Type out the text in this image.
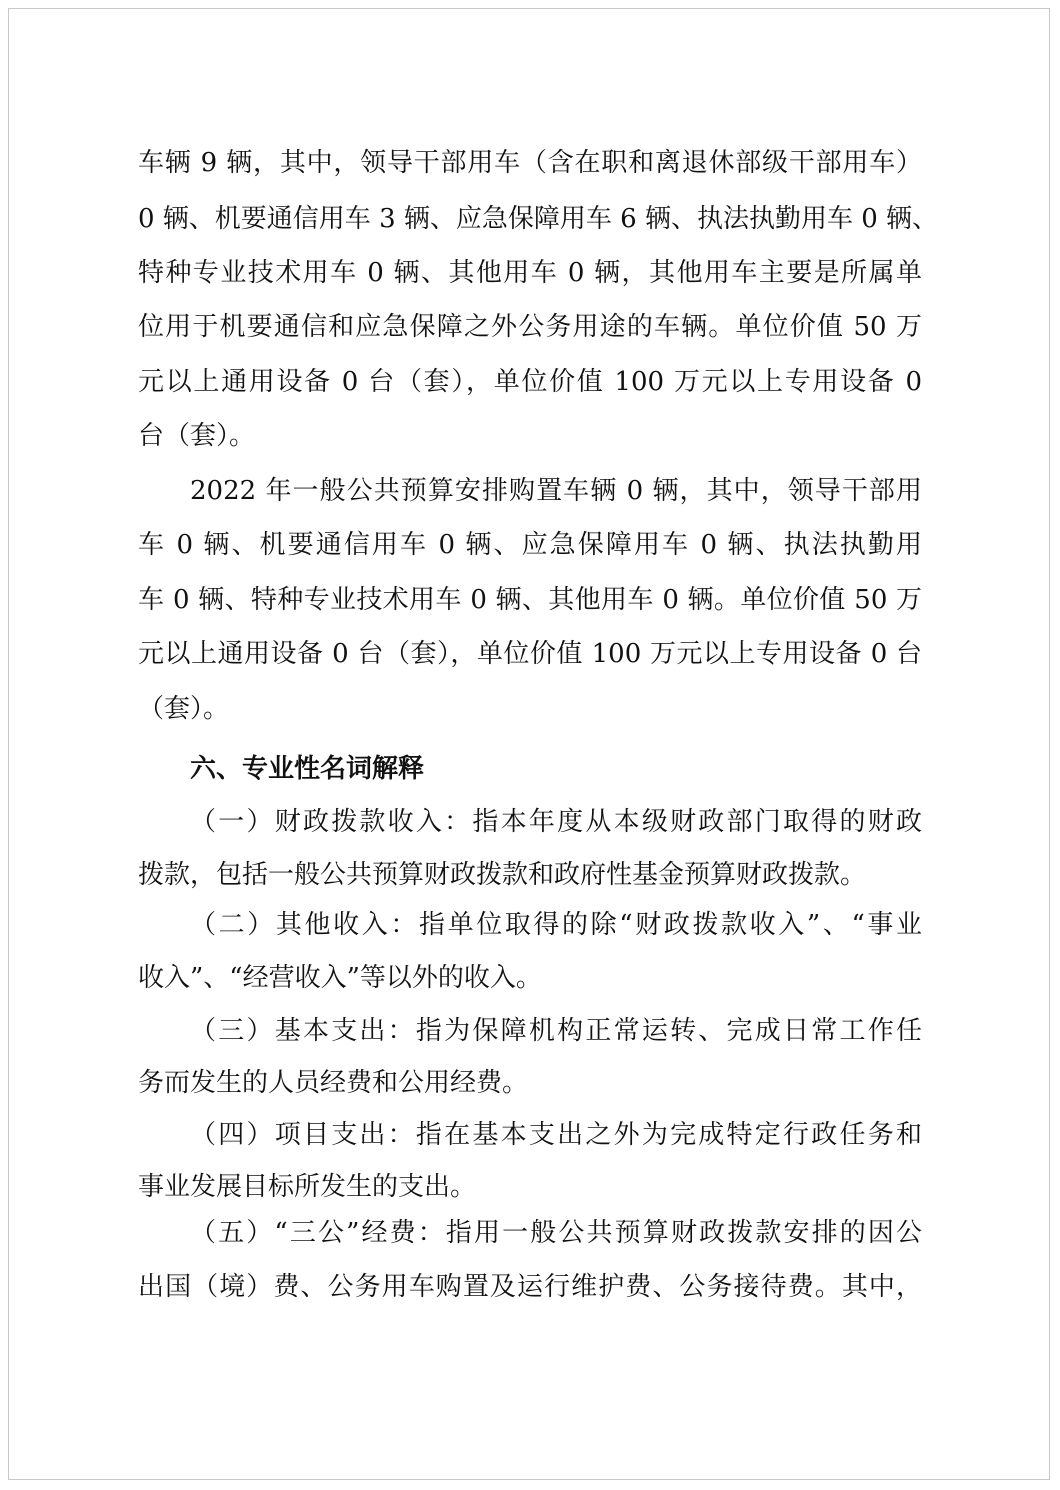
车辆 9 辆，其中，领导干部用车（含在职和离退休部级干部用车）
0 辆、机要通信用车 3 辆、应急保障用车 6 辆、执法执勤用车 0 辆、
特种专业技术用车 0 辆、其他用车 0 辆，其他用车主要是所属单
位用于机要通信和应急保障之外公务用途的车辆。单位价值 50 万
元以上通用设备 0 台（套），单位价值 100 万元以上专用设备 0
台（套）。
2022 年一般公共预算安排购置车辆 0 辆，其中，领导干部用
车 0 辆、机要通信用车 0 辆、应急保障用车 0 辆、执法执勤用
车 0 辆、特种专业技术用车 0 辆、其他用车 0 辆。单位价值 50 万
元以上通用设备 0 台（套），单位价值 100 万元以上专用设备 0 台
（套）。
六、专业性名词解释
（一）财政拨款收入：指本年度从本级财政部门取得的财政
拨款，包括一般公共预算财政拨款和政府性基金预算财政拨款。
（二）其他收入：指单位取得的除“财政拨款收入”、“事业
收入”、“经营收入”等以外的收入。
（三）基本支出：指为保障机构正常运转、完成日常工作任
务而发生的人员经费和公用经费。
（四）项目支出：指在基本支出之外为完成特定行政任务和
事业发展目标所发生的支出。
（五）“三公”经费：指用一般公共预算财政拨款安排的因公
出国（境）费、公务用车购置及运行维护费、公务接待费。其中，
